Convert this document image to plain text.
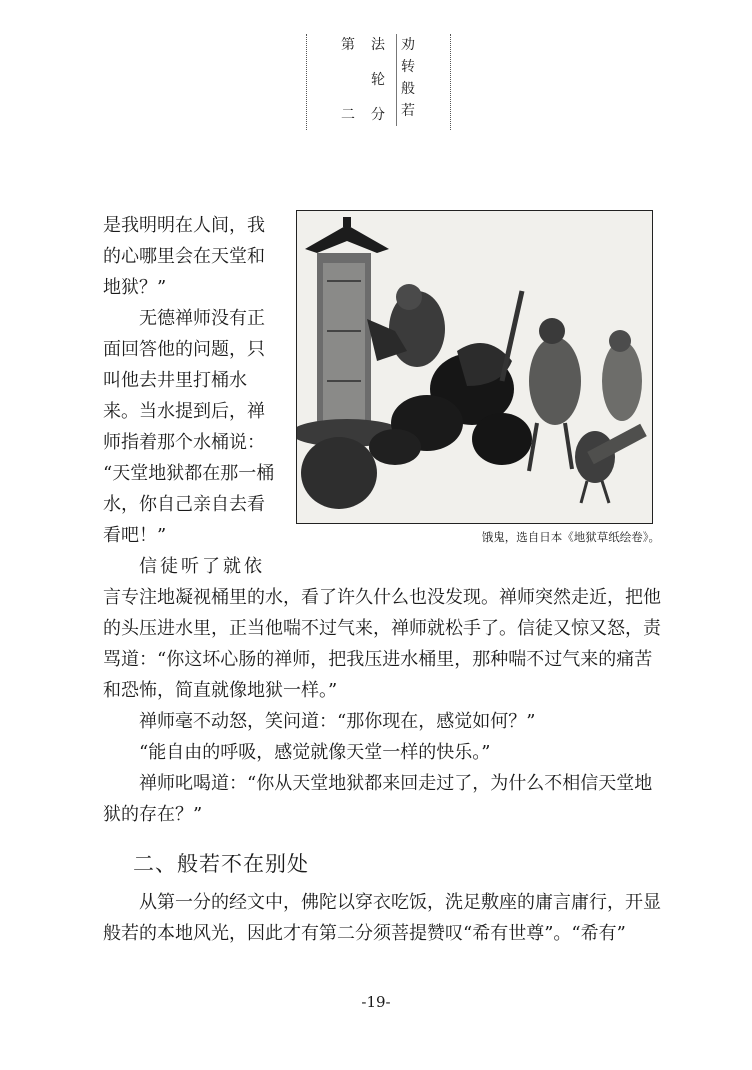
第
二
法
轮
分
劝
转
般
若

是我明明在人间，我的心哪里会在天堂和地狱？”

无德禅师没有正面回答他的问题，只叫他去井里打桶水来。当水提到后，禅师指着那个水桶说：

“天堂地狱都在那一桶水，你自己亲自去看看吧！”

信徒听了就依

饿鬼，选自日本《地狱草纸绘卷》。

言专注地凝视桶里的水，看了许久什么也没发现。禅师突然走近，把他的头压进水里，正当他喘不过气来，禅师就松手了。信徒又惊又怒，责骂道：“你这坏心肠的禅师，把我压进水桶里，那种喘不过气来的痛苦和恐怖，简直就像地狱一样。”

禅师毫不动怒，笑问道：“那你现在，感觉如何？”

“能自由的呼吸，感觉就像天堂一样的快乐。”

禅师叱喝道：“你从天堂地狱都来回走过了，为什么不相信天堂地狱的存在？”

二、般若不在别处

从第一分的经文中，佛陀以穿衣吃饭，洗足敷座的庸言庸行，开显般若的本地风光，因此才有第二分须菩提赞叹“希有世尊”。“希有”

-19-
